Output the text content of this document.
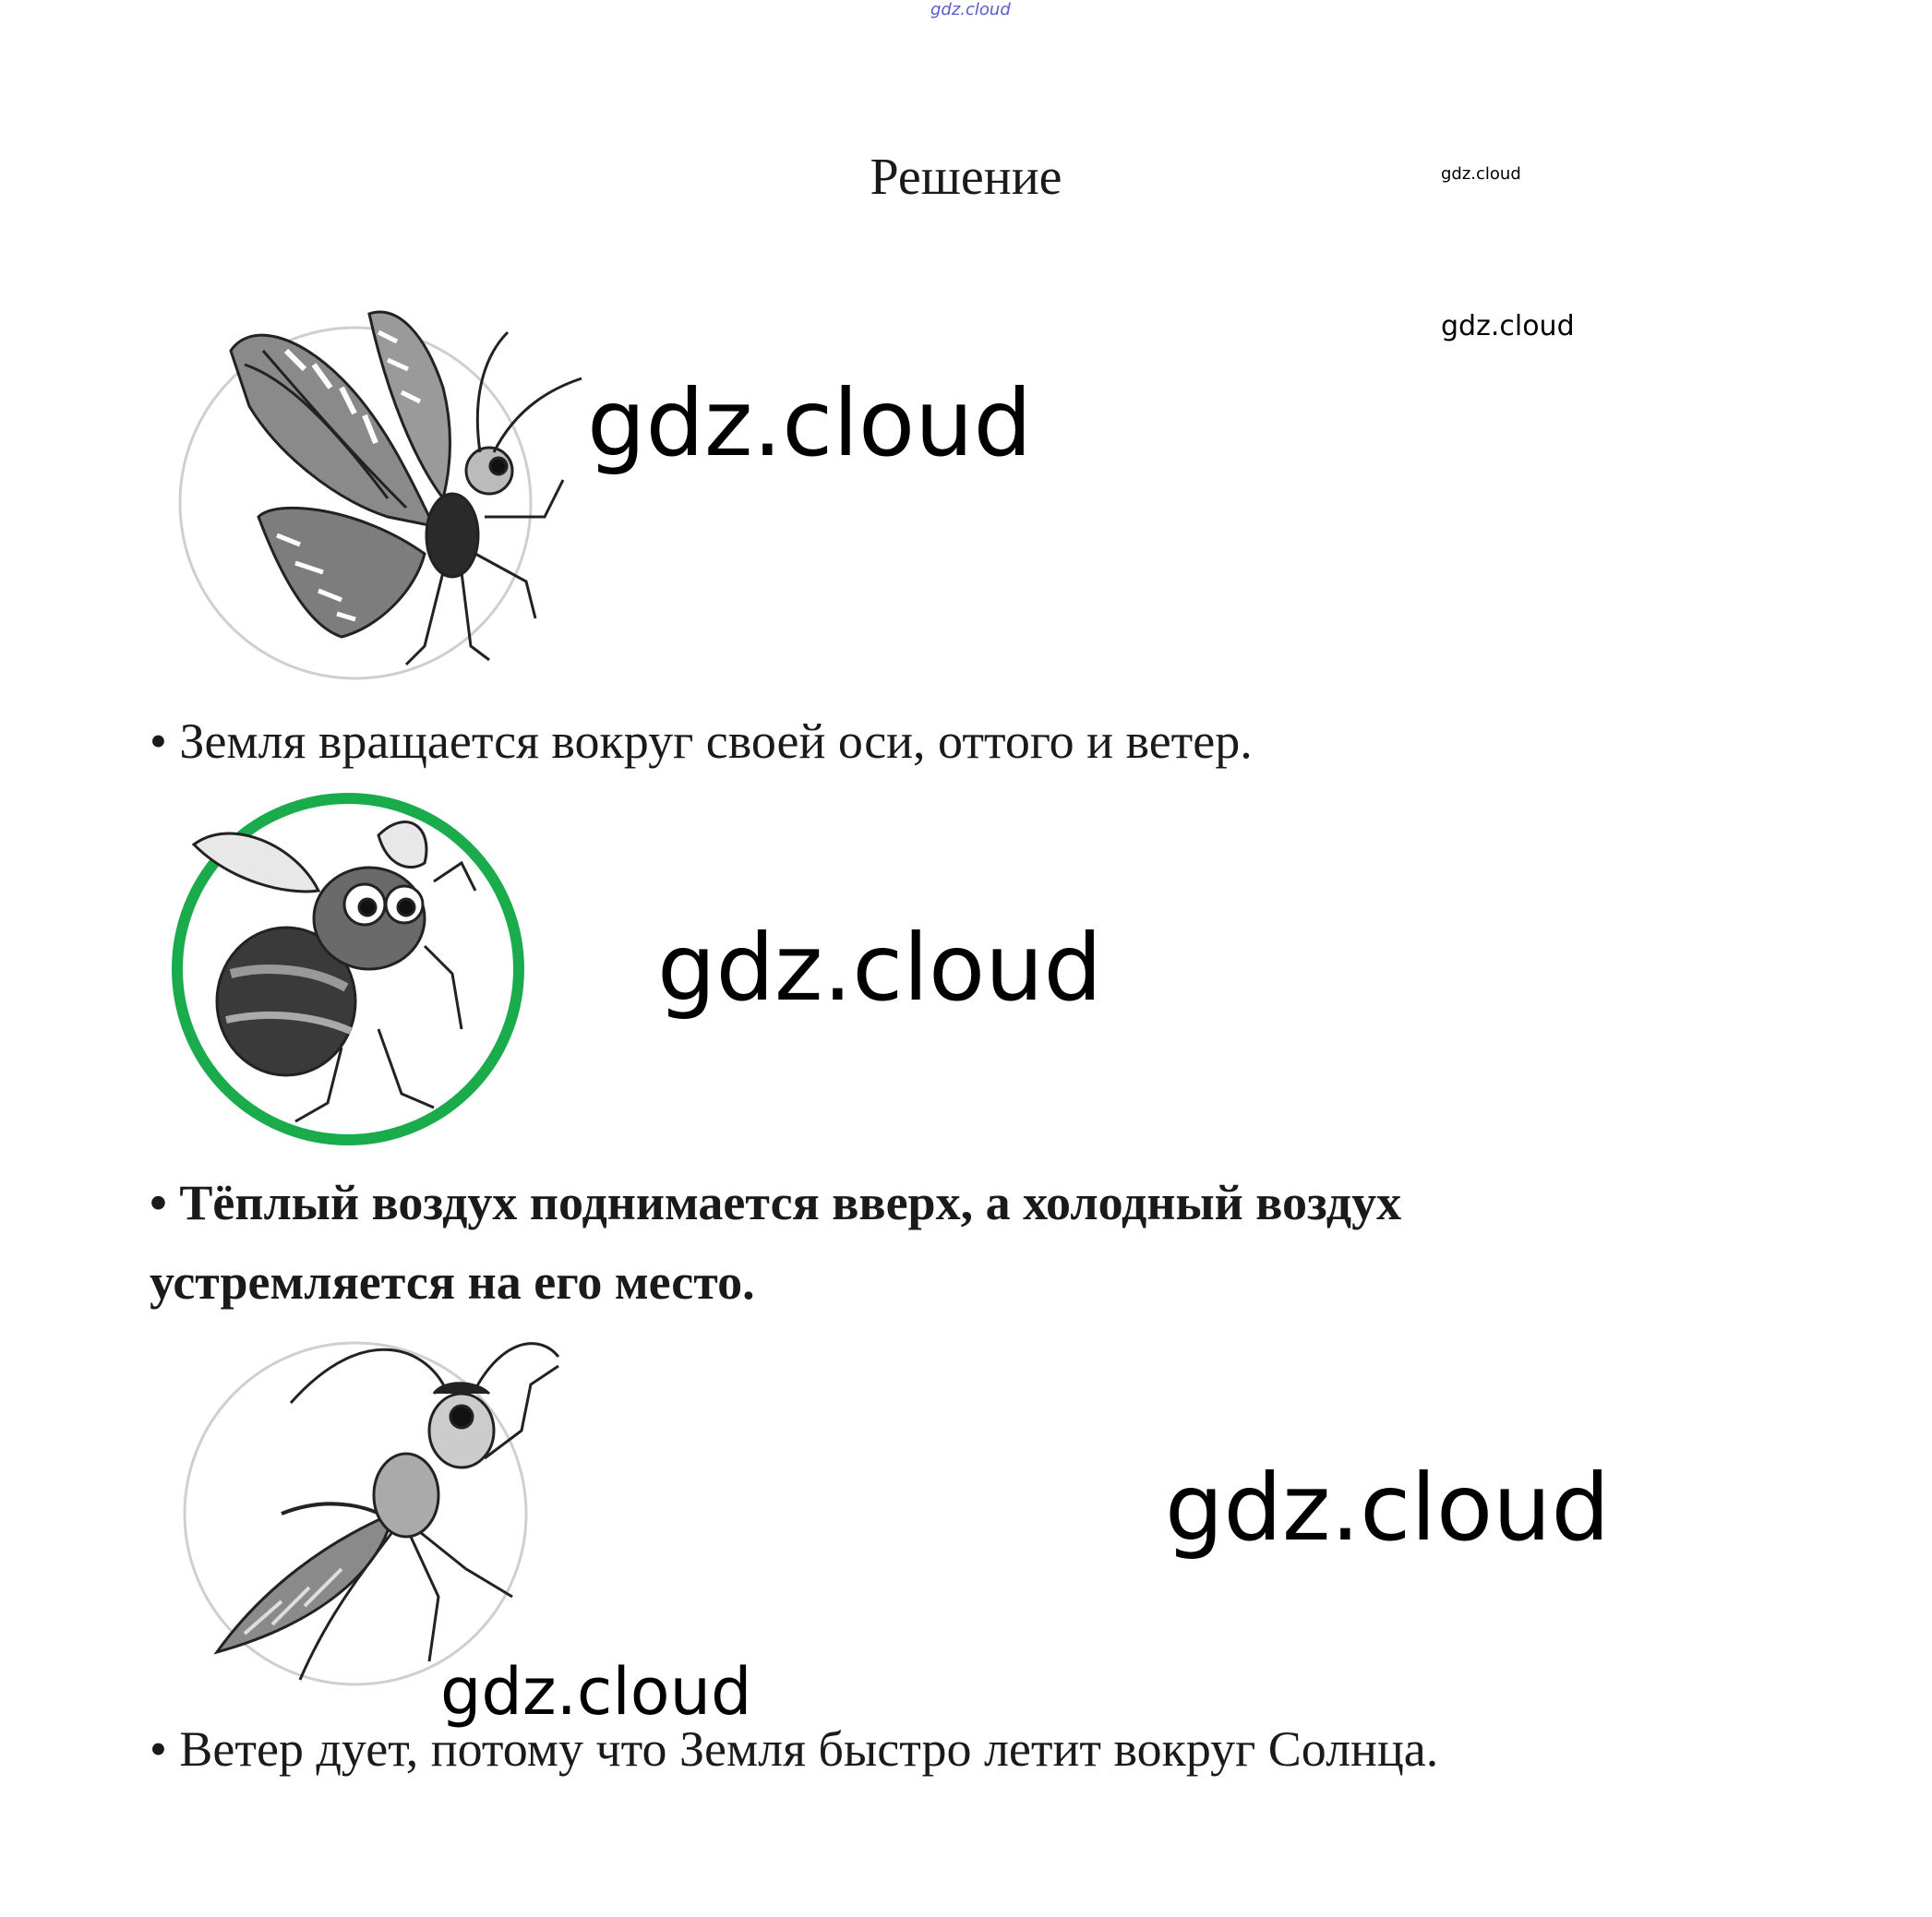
gdz.cloud
gdz.cloud
gdz.cloud
Решение
gdz.cloud
• Земля вращается вокруг своей оси, оттого и ветер.
gdz.cloud
• Тёплый воздух поднимается вверх, а холодный воздух
устремляется на его место.
gdz.cloud
gdz.cloud
• Ветер дует, потому что Земля быстро летит вокруг Солнца.
